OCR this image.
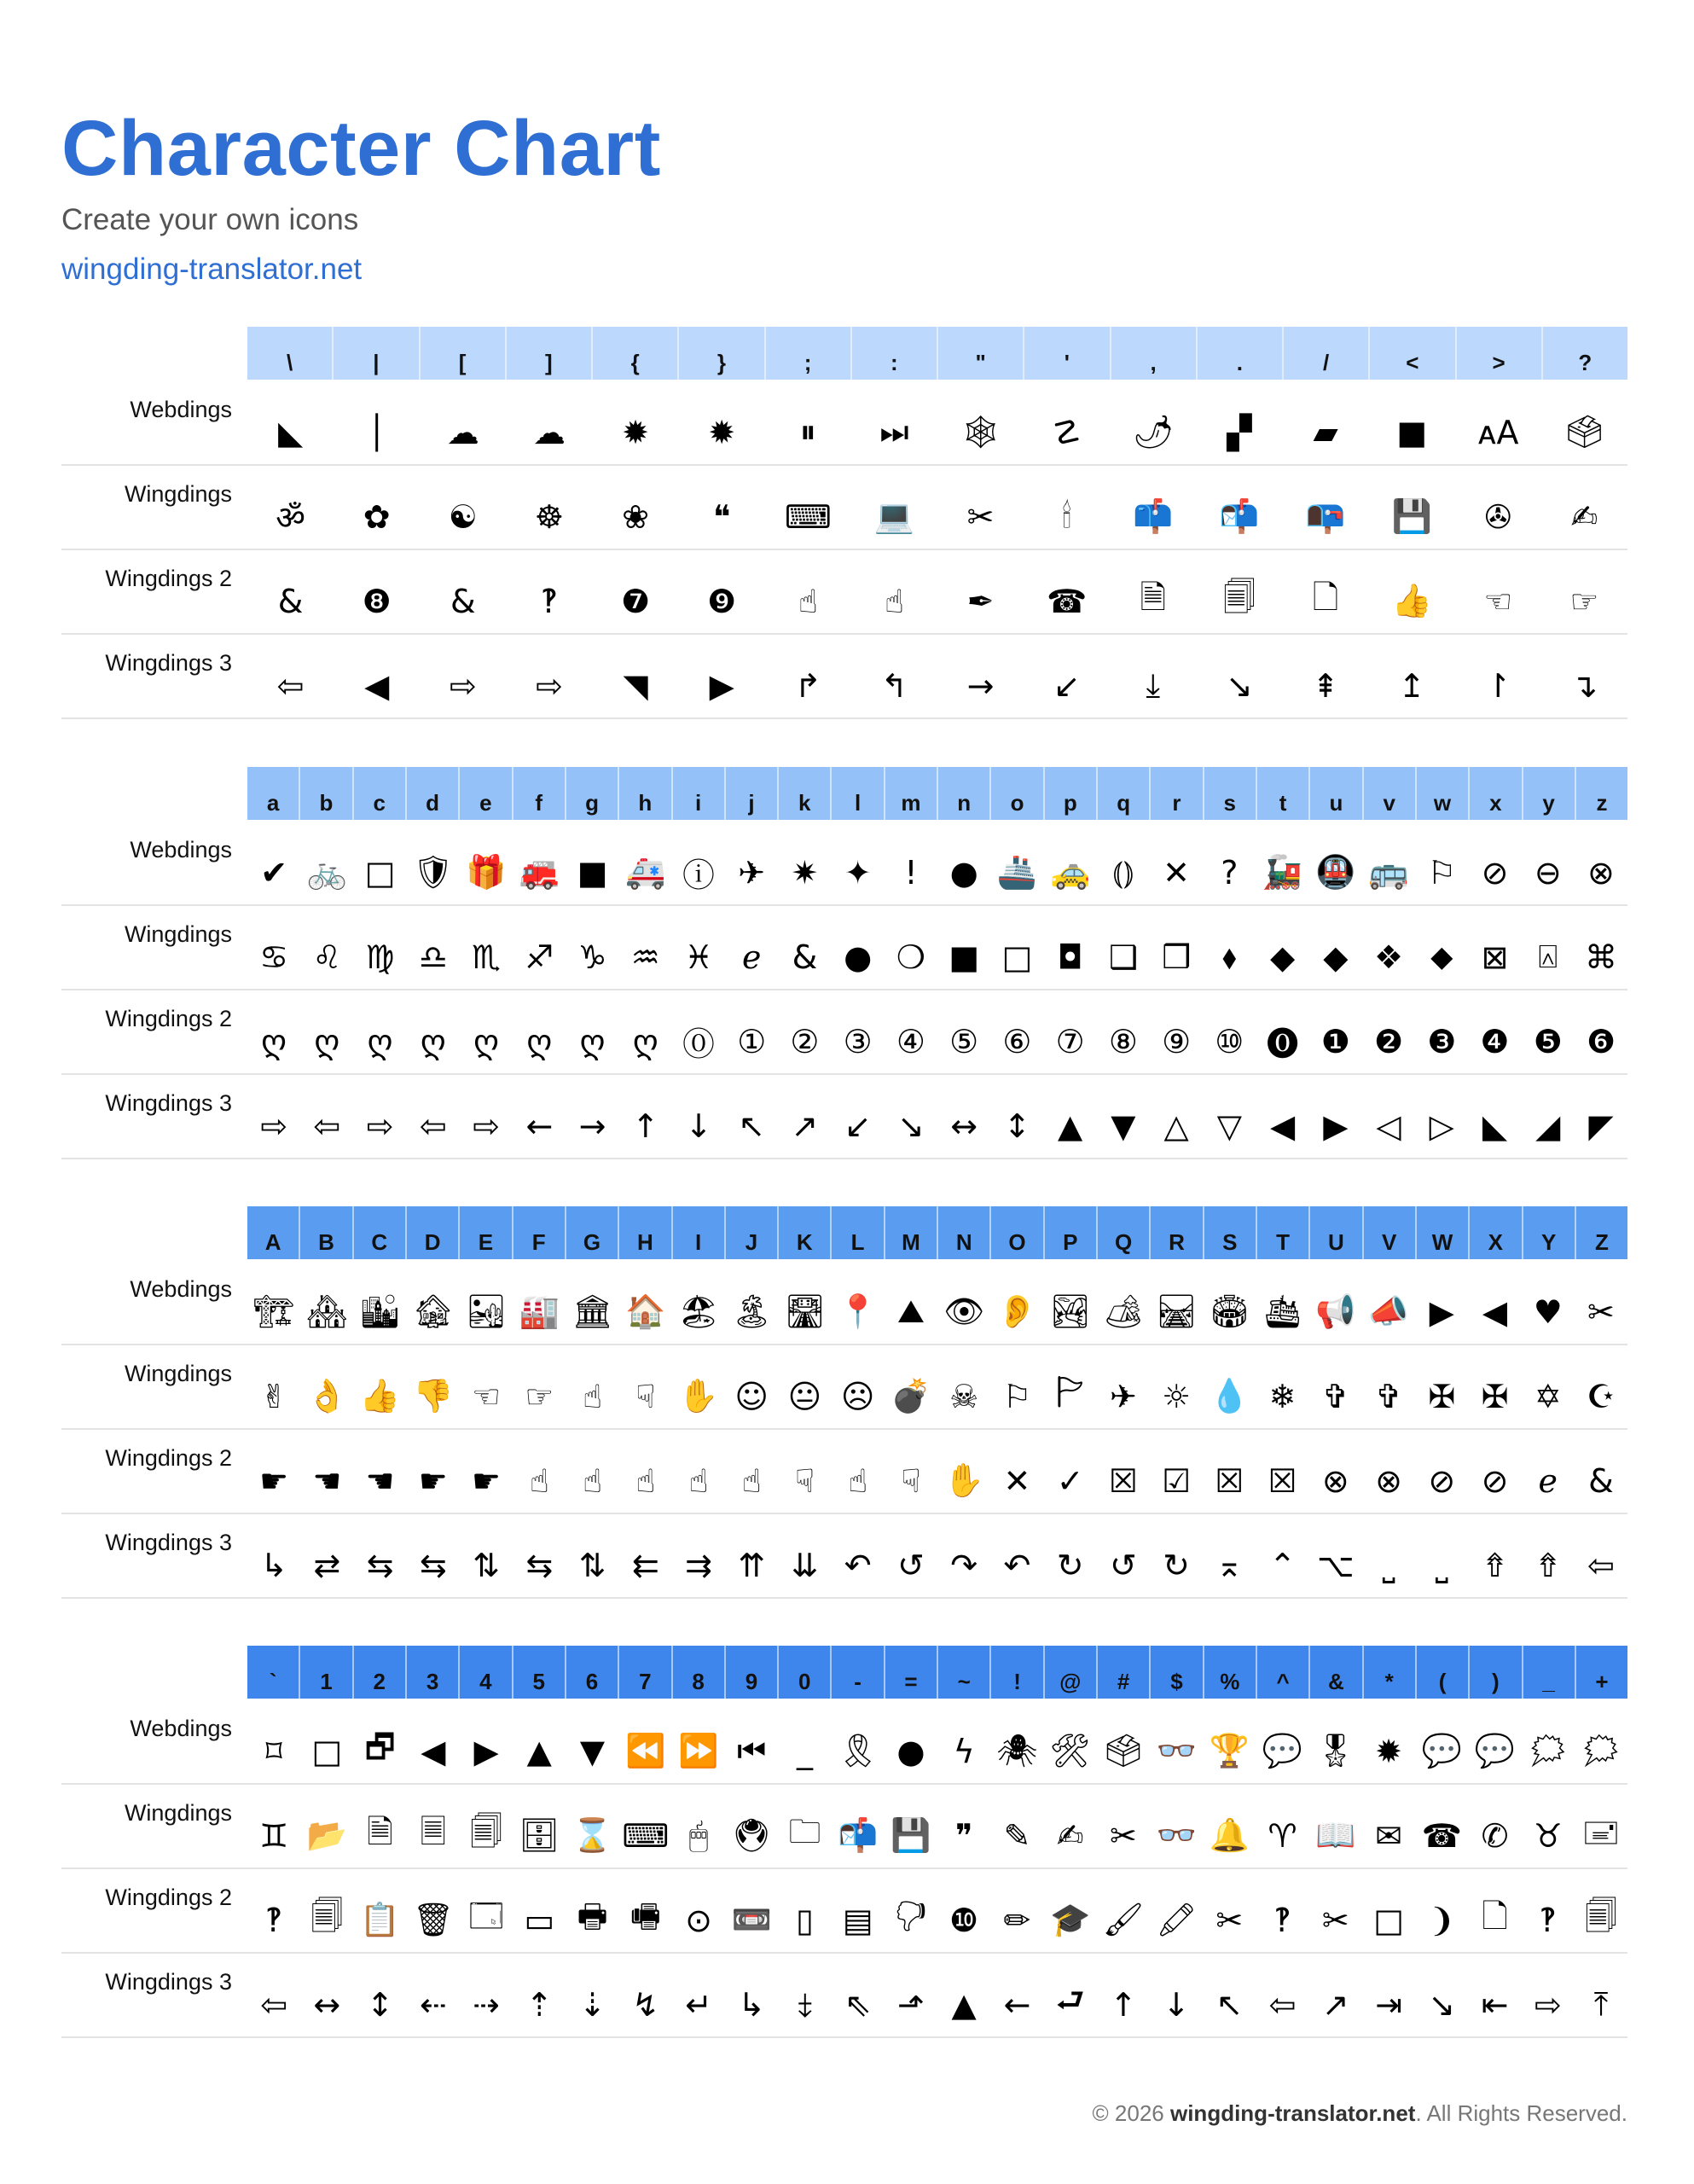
Character Chart
Create your own icons
wingding-translator.net
\	|	[	]	{	}	;	:	"	'	,	.	/	<	>	?
Webdings
◣	│	☁	☁	✹	✹	⏸	⏭	🕸	☡	🌶	▞	▰	■	ᴀA	🗳
Wingdings
ॐ	✿	☯	☸	❀	❝	⌨	💻	✂	🕯	📫	📬	📭	💾	✇	✍
Wingdings 2
&	❽	&	‽	❼	❾	☝	☝	✒	☎	🗎	🗐	🗋	👍	☜	☞
Wingdings 3
⇦	◀	⇨	⇨	◥	▶	↱	↰	→	↙	⤓	↘	⇞	↥	↾	↴
a	b	c	d	e	f	g	h	i	j	k	l	m	n	o	p	q	r	s	t	u	v	w	x	y	z
Webdings
✔ 🚲 □ 🛡 🎁 🚒 ■ 🚑 ⓘ ✈ ✷ ✦	!	● 🚢 🚕 ⦅⦆ ✕ ? 🚂 🚇 🚌 ⚐ ⊘ ⊖ ⊗
Wingdings
♋ ♌ ♍ ♎ ♏ ♐ ♑ ♒ ♓ ℯ & ● ❍ ■ □ ◘ ❑ ❒ ⬧	◆ ◆ ❖ ⬥ ⊠ ⍓ ⌘
Wingdings 2
ღ ღ ღ ღ ღ ღ ღ ღ ⓪ ① ② ③ ④ ⑤ ⑥ ⑦ ⑧ ⑨ ⑩ ⓿ ❶ ❷ ❸ ❹ ❺ ❻
Wingdings 3
⇨ ⇦ ⇨ ⇦ ⇨ ← → ↑ ↓ ↖ ↗ ↙ ↘ ↔ ↕ ▲ ▼ △ ▽ ◀ ▶ ◁ ▷ ◣ ◢ ◤
A	B	C	D	E	F	G	H	I	J	K	L	M	N	O	P	Q	R	S	T	U	V	W	X	Y	Z
Webdings
🏗 🏘 🏙 🏚 🏜 🏭 🏛 🏠 🏖 🏝 🛣 📍 ⛰ 👁 👂 🏞 🏕 🛤 🏟 🛳 📢 📣 ▶ ◀ ♥ ✂
Wingdings
✌ 👌 👍 👎 ☜ ☞ ☝	☟ ✋ ☺ 😐 ☹ 💣 ☠ ⚐ 🏱 ✈ ☼ 💧 ❄ ✞ ✞ ✠ ✠ ✡ ☪
Wingdings 2
☛ ☚ ☚ ☛ ☛ ☝	☝	☝	☝	☝	☟	☝	☟ ✋ ✕ ✓ ☒ ☑ ☒ ☒ ⊗ ⊗ ⊘ ⊘ ℯ &
Wingdings 3
↳ ⇄ ⇆ ⇆ ⇅ ⇆ ⇅ ⇇ ⇉ ⇈ ⇊ ↶ ↺ ↷ ↶ ↻ ↺ ↻ ⌅ ⌃ ⌥ ⎵	⎵	⇮ ⇮ ⇦
`	1	2	3	4	5	6	7	8	9	0	-	=	~	!	@	#	$	%	^	&	*	(	)	_	+
Webdings
⌑ □ 🗗 ◀ ▶ ▲ ▼ ⏪ ⏩ ⏮ _ 🎗 ● ϟ 🕷 🛠 🗳 👓 🏆 💬 🎖 ✹ 💬 💬 🗯 🗯
Wingdings
♊ 📂 🗎 🗏 🗐 🗄 ⌛ ⌨ 🖱 🖲 🗀 📬 💾 ❞ ✎ ✍ ✂ 👓 🔔 ♈ 📖 ✉ ☎ ✆ ♉ 🖃
Wingdings 2
‽ 🗐 📋 🗑 🗔 ▭ 🖶 🖷 ⊙ 📼 ▯ ▤ 🖓 ❿ ✏ 🎓 🖌 🖍 ✂ ‽ ✂ □ ❩ 🗋 ‽ 🗐
Wingdings 3
⇦ ↔ ↕ ⇠ ⇢ ⇡ ⇣ ↯ ↵ ↳ ⤈ ⇖ ⬏ ▲ ← ⮐ ↑ ↓ ↖ ⇦ ↗ ⇥ ↘ ⇤ ⇨ ⤒
© 2026 wingding-translator.net. All Rights Reserved.
